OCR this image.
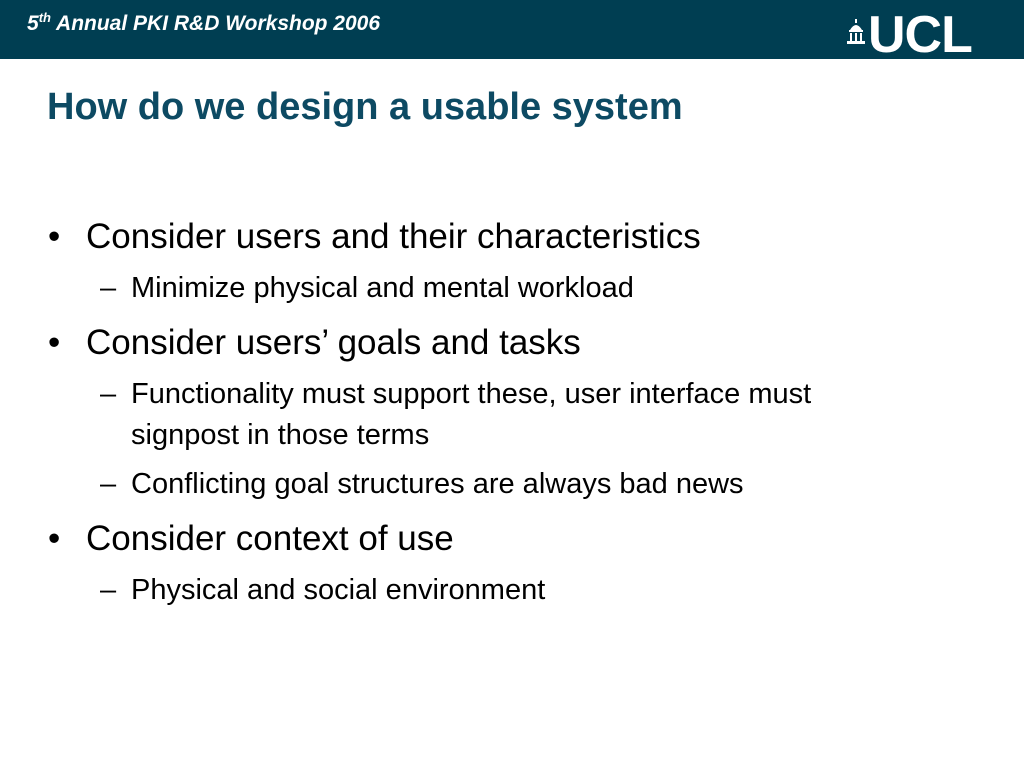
5th Annual PKI R&D Workshop 2006	UCL
How do we design a usable system
• Consider users and their characteristics
– Minimize physical and mental workload
• Consider users’ goals and tasks
– Functionality must support these, user interface must
signpost in those terms
– Conflicting goal structures are always bad news
• Consider context of use
– Physical and social environment
